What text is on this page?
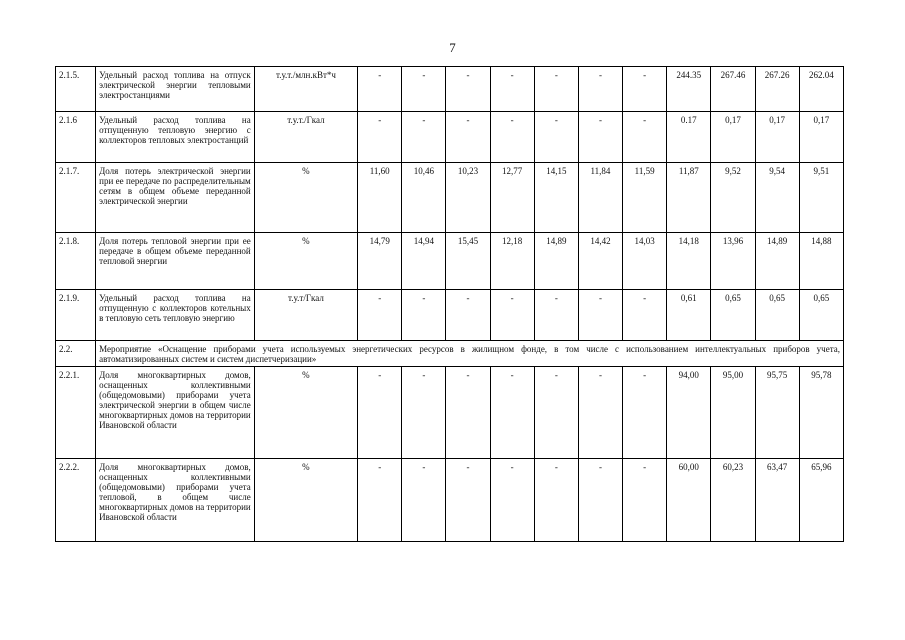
7
2.1.5.	Удельный расход топлива на отпуск электрической энергии тепловыми электростанциями	т.у.т./млн.кВт*ч	-	-	-	-	-	-	-	244.35	267.46	267.26	262.04
2.1.6	Удельный расход топлива на отпущенную тепловую энергию с коллекторов тепловых электростанций	т.у.т./Гкал	-	-	-	-	-	-	-	0.17	0,17	0,17	0,17
2.1.7.	Доля потерь электрической энергии при ее передаче по распределительным сетям в общем объеме переданной электрической энергии	%	11,60	10,46	10,23	12,77	14,15	11,84	11,59	11,87	9,52	9,54	9,51
2.1.8.	Доля потерь тепловой энергии при ее передаче в общем объеме переданной тепловой энергии	%	14,79	14,94	15,45	12,18	14,89	14,42	14,03	14,18	13,96	14,89	14,88
2.1.9.	Удельный расход топлива на отпущенную с коллекторов котельных в тепловую сеть тепловую энергию	т.у.т/Гкал	-	-	-	-	-	-	-	0,61	0,65	0,65	0,65
2.2.	Мероприятие «Оснащение приборами учета используемых энергетических ресурсов в жилищном фонде, в том числе с использованием интеллектуальных приборов учета, автоматизированных систем и систем диспетчеризации»												
2.2.1.	Доля многоквартирных домов, оснащенных коллективными (общедомовыми) приборами учета электрической энергии в общем числе многоквартирных домов на территории Ивановской области	%	-	-	-	-	-	-	-	94,00	95,00	95,75	95,78
2.2.2.	Доля многоквартирных домов, оснащенных коллективными (общедомовыми) приборами учета тепловой, в общем числе многоквартирных домов на территории Ивановской области	%	-	-	-	-	-	-	-	60,00	60,23	63,47	65,96
